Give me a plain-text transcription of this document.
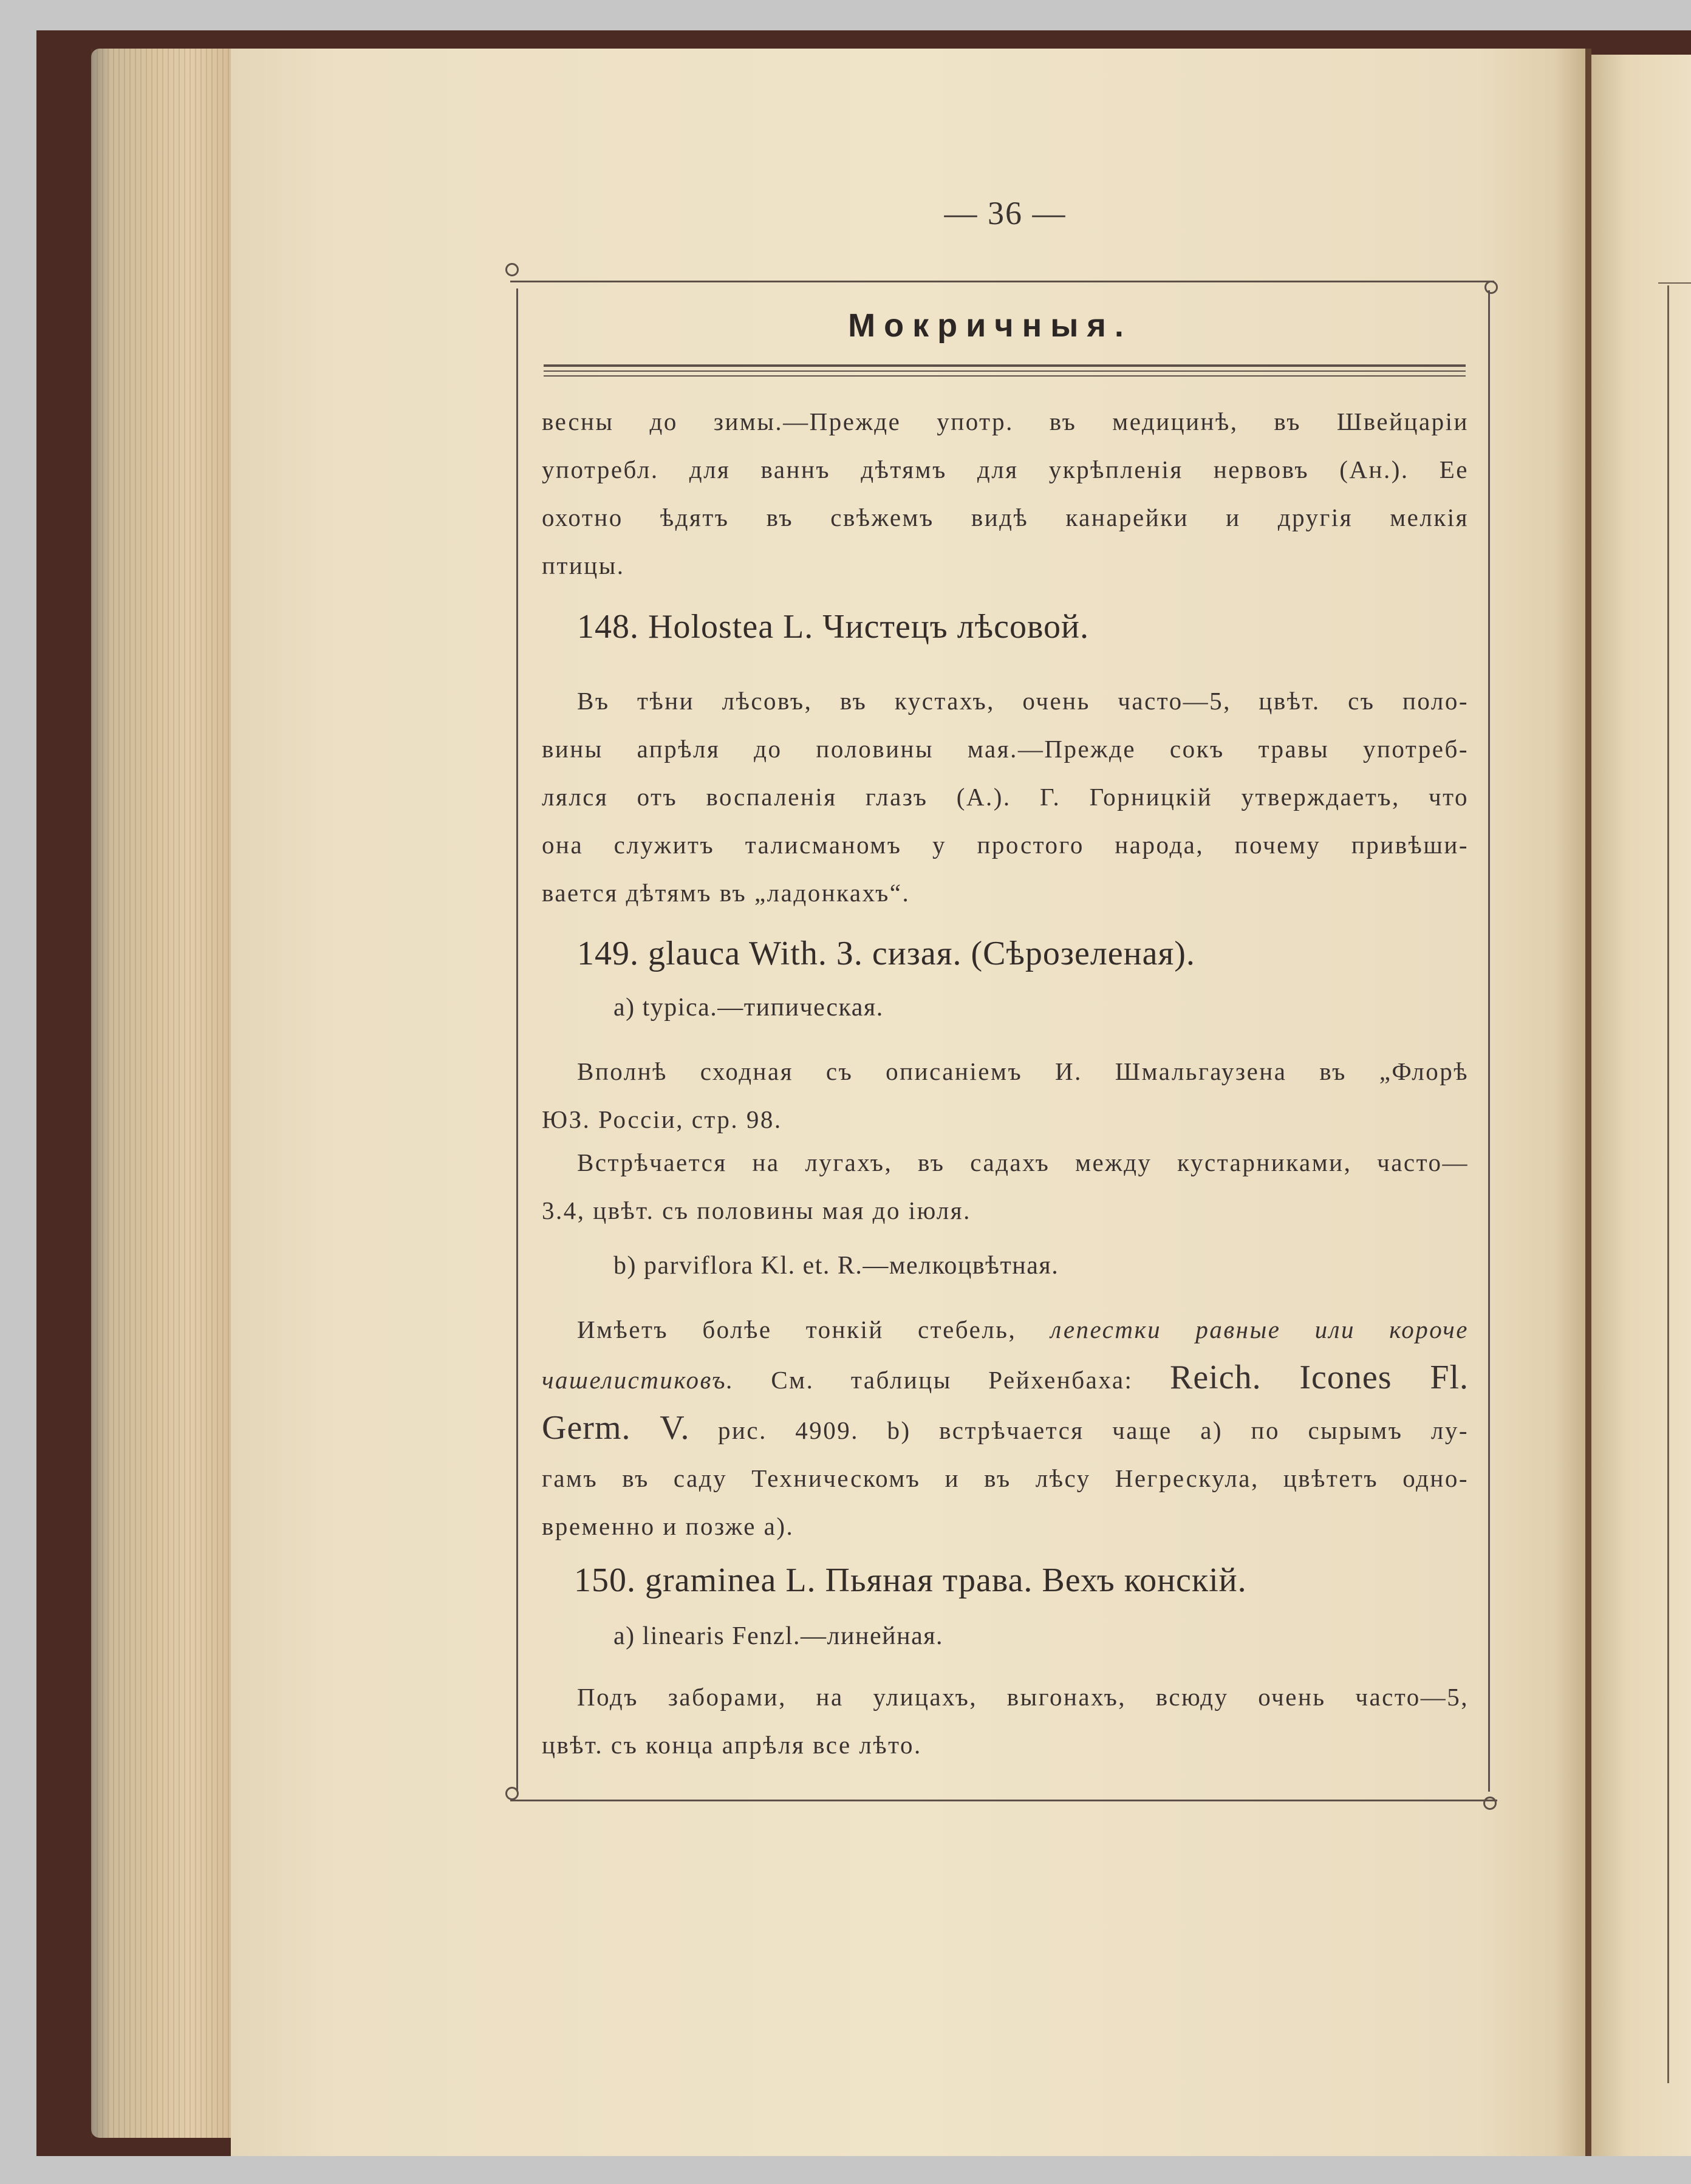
— 36 —
Мокричныя.
весны до зимы.—Прежде употр. въ медицинѣ, въ Швейцаріи
употребл. для ваннъ дѣтямъ для укрѣпленія нервовъ (Ан.). Ее
охотно ѣдятъ въ свѣжемъ видѣ канарейки и другія мелкія
птицы.
148. Holostea L. Чистецъ лѣсовой.
Въ тѣни лѣсовъ, въ кустахъ, очень часто—5, цвѣт. съ поло-
вины апрѣля до половины мая.—Прежде сокъ травы употреб-
лялся отъ воспаленія глазъ (А.). Г. Горницкій утверждаетъ, что
она служитъ талисманомъ у простого народа, почему привѣши-
вается дѣтямъ въ „ладонкахъ“.
149. glauca With. З. сизая. (Сѣрозеленая).
a) typica.—типическая.
Вполнѣ сходная съ описаніемъ И. Шмальгаузена въ „Флорѣ
ЮЗ. Россіи, стр. 98.
Встрѣчается на лугахъ, въ садахъ между кустарниками, часто—
3.4, цвѣт. съ половины мая до іюля.
b) parviflora Kl. et. R.—мелкоцвѣтная.
Имѣетъ болѣе тонкій стебель, лепестки равные или короче
чашелистиковъ. См. таблицы Рейхенбаха: Reich. Icones Fl.
Germ. V. рис. 4909. b) встрѣчается чаще a) по сырымъ лу-
гамъ въ саду Техническомъ и въ лѣсу Негрескула, цвѣтетъ одно-
временно и позже a).
150. graminea L. Пьяная трава. Вехъ конскій.
a) linearis Fenzl.—линейная.
Подъ заборами, на улицахъ, выгонахъ, всюду очень часто—5,
цвѣт. съ конца апрѣля все лѣто.
